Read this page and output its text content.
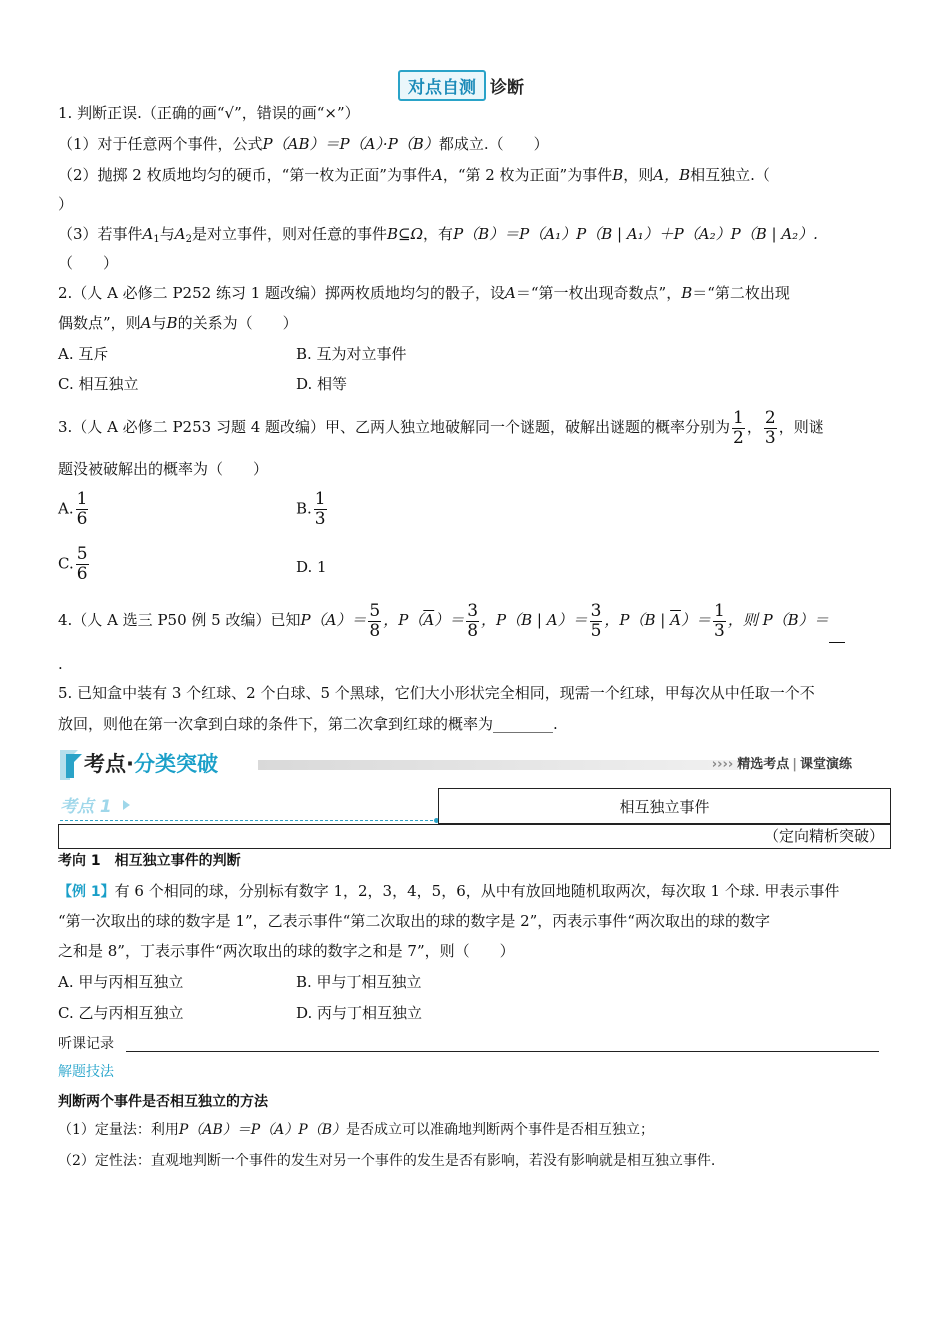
对点自测 诊断
1. 判断正误.（正确的画“√”，错误的画“×”）
（1）对于任意两个事件，公式P（AB）＝P（A）·P（B）都成立.（　　）
（2）抛掷 2 枚质地均匀的硬币，“第一枚为正面”为事件A，“第 2 枚为正面”为事件B，则A，B相互独立.（
）
（3）若事件$A_1$与$A_2$是对立事件，则对任意的事件B⊆Ω，有P（B）＝P（A₁）P（B | A₁）＋P（A₂）P（B | A₂）.
（　　）
2.（人 A 必修二 P252 练习 1 题改编）掷两枚质地均匀的骰子，设A＝“第一枚出现奇数点”，B＝“第二枚出现
偶数点”，则A与B的关系为（　　）
A. 互斥	B. 互为对立事件
C. 相互独立	D. 相等
3.（人 A 必修二 P253 习题 4 题改编）甲、乙两人独立地破解同一个谜题，破解出谜题的概率分别为 $\frac{1}{2}$ ， $\frac{2}{3}$ ，则谜
题没被破解出的概率为（　　）
A. $\frac{1}{6}$	B. $\frac{1}{3}$
C. $\frac{5}{6}$	D. 1
4.（人 A 选三 P50 例 5 改编）已知$P(A)= \frac{5}{8}$ ，$P(\overline{A})= \frac{3}{8}$ ，P（B | $A)= \frac{3}{5}$ ，P（B | $\overline{A})= \frac{1}{3}$ ，则 P（B）＝
.
5. 已知盒中装有 3 个红球、2 个白球、5 个黑球，它们大小形状完全相同，现需一个红球，甲每次从中任取一个不
放回，则他在第一次拿到白球的条件下，第二次拿到红球的概率为________.
考点·分类突破	›››› 精选考点 | 课堂演练
考点 1	相互独立事件
（定向精析突破）
考向 1　相互独立事件的判断
【例 1】有 6 个相同的球，分别标有数字 1，2，3，4，5，6，从中有放回地随机取两次，每次取 1 个球. 甲表示事件
“第一次取出的球的数字是 1”，乙表示事件“第二次取出的球的数字是 2”，丙表示事件“两次取出的球的数字
之和是 8”，丁表示事件“两次取出的球的数字之和是 7”，则（　　）
A. 甲与丙相互独立	B. 甲与丁相互独立
C. 乙与丙相互独立	D. 丙与丁相互独立
听课记录
解题技法
判断两个事件是否相互独立的方法
（1）定量法：利用P（AB）＝P（A）P（B）是否成立可以准确地判断两个事件是否相互独立；
（2）定性法：直观地判断一个事件的发生对另一个事件的发生是否有影响，若没有影响就是相互独立事件.
